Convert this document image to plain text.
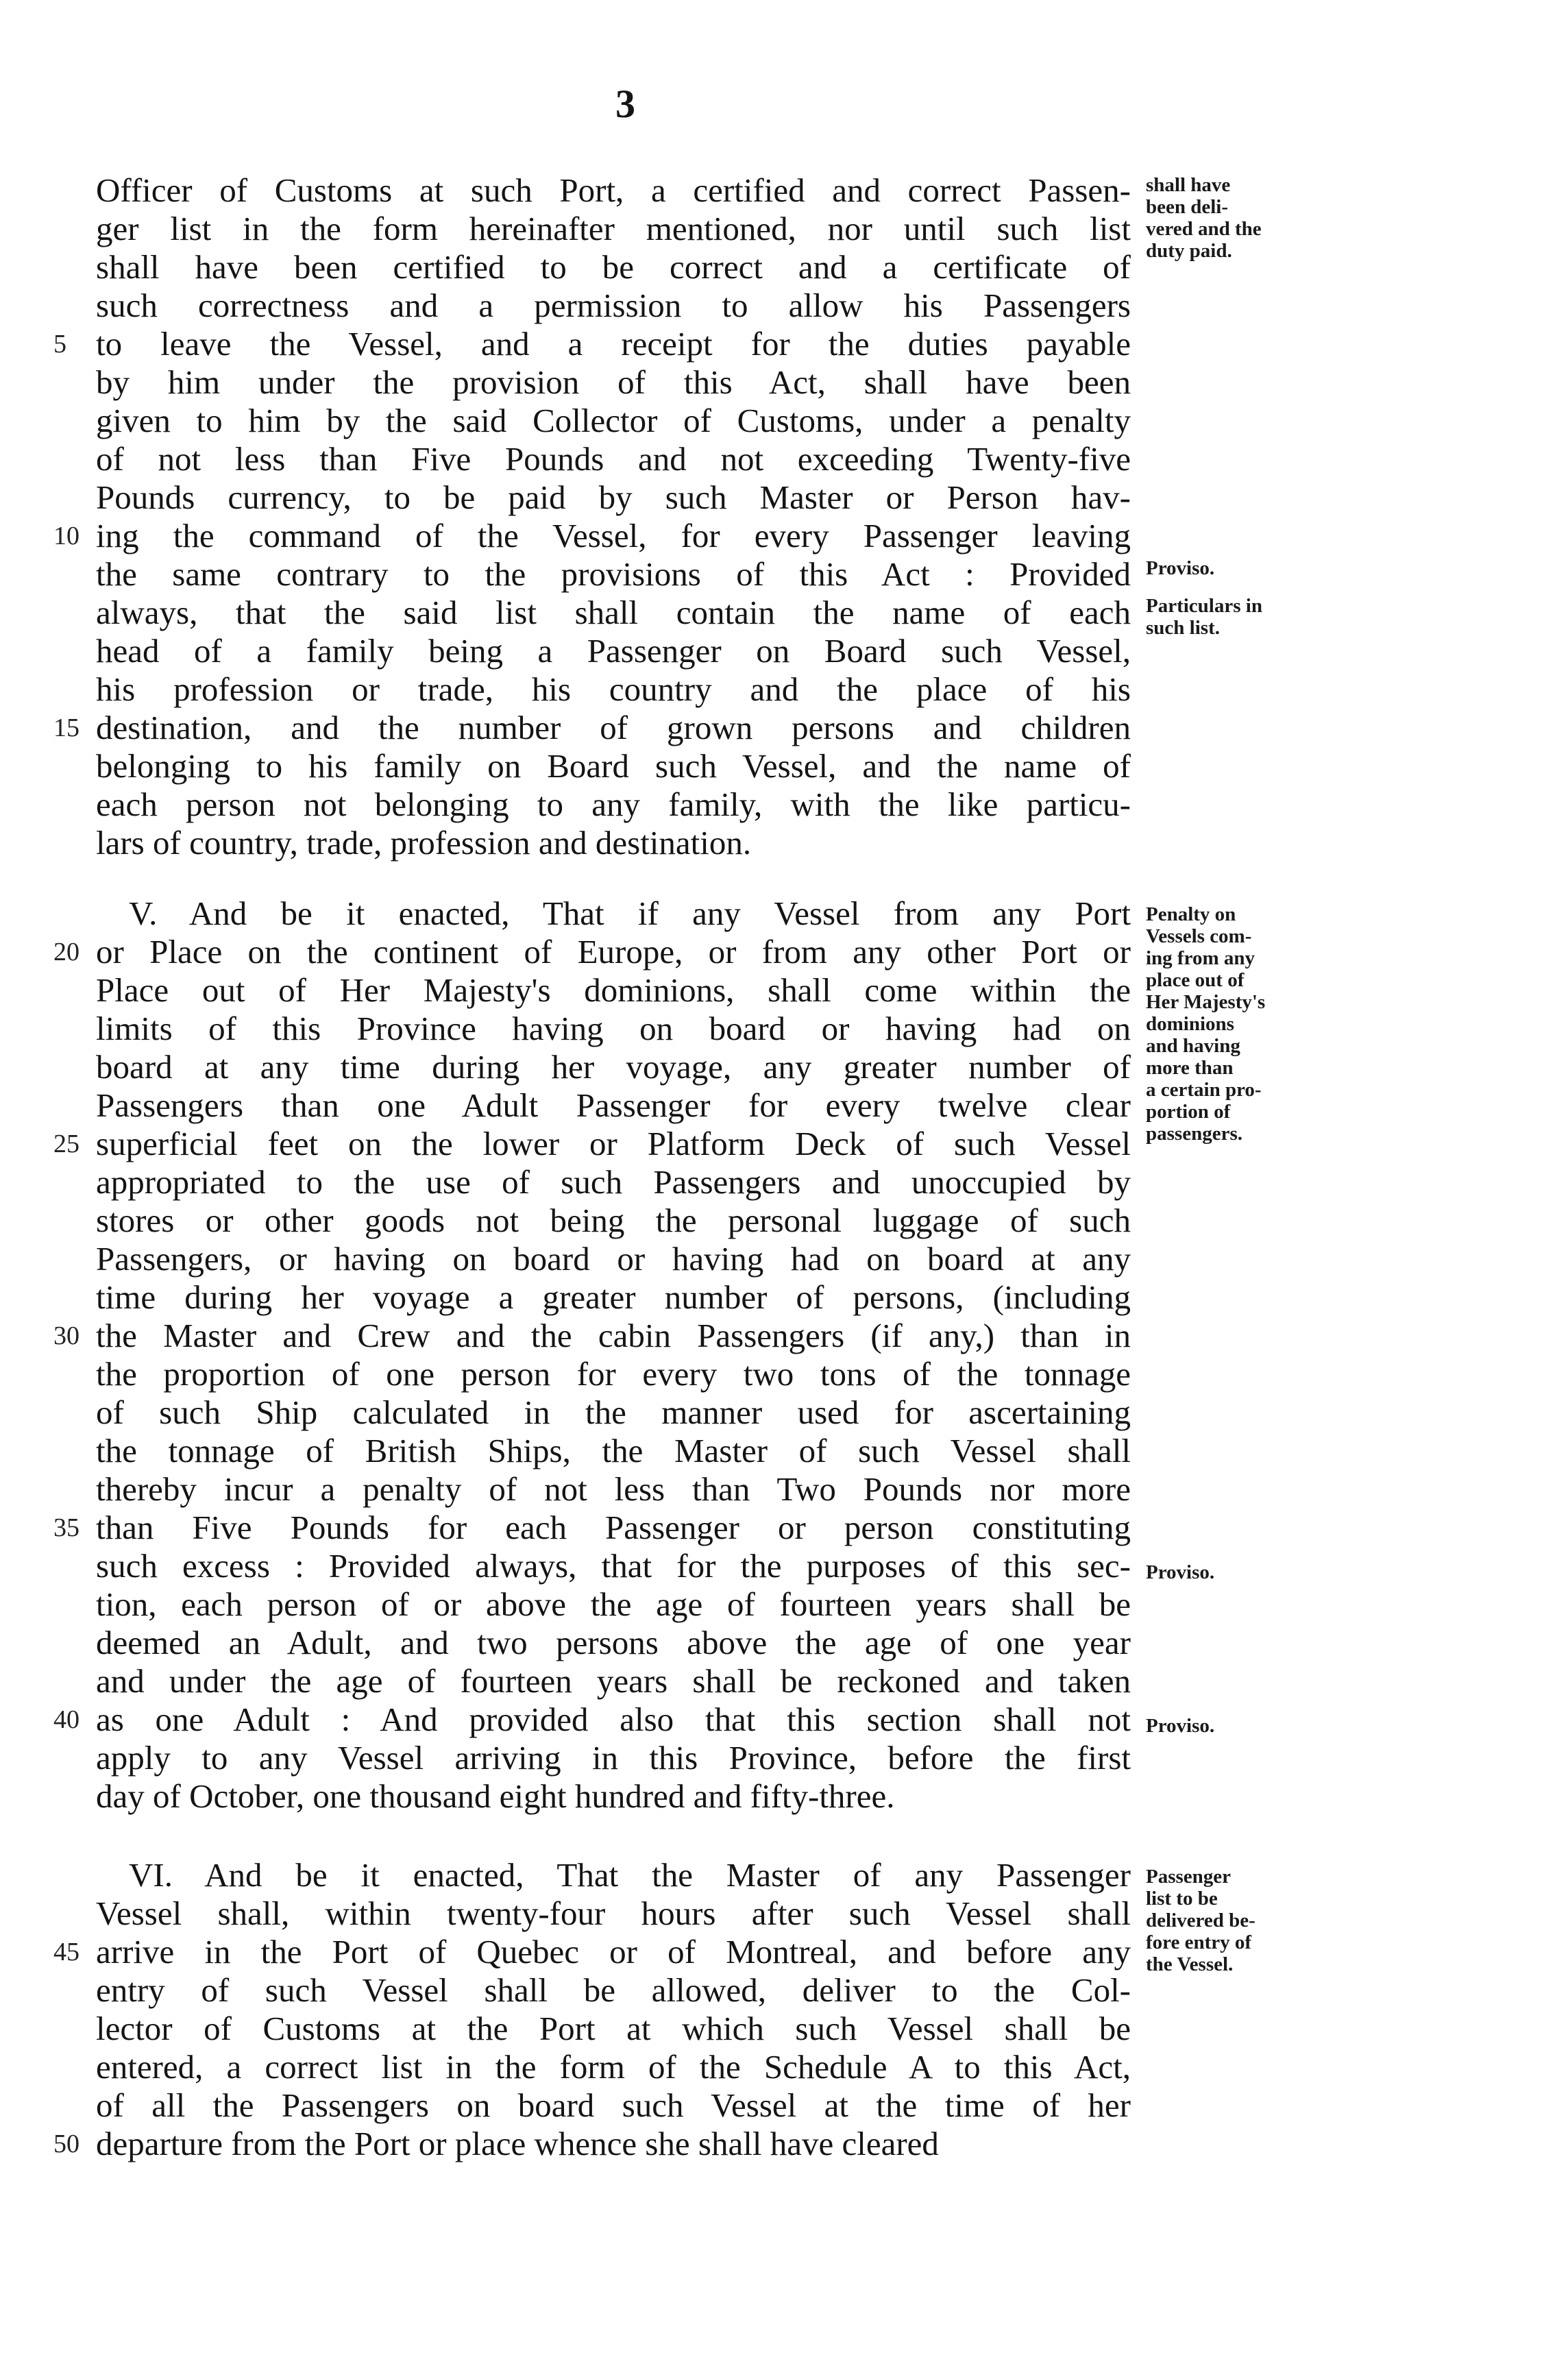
3
Officer of Customs at such Port, a certified and correct Passen-
ger list in the form hereinafter mentioned, nor until such list
shall have been certified to be correct and a certificate of
such correctness and a permission to allow his Passengers
5 to leave the Vessel, and a receipt for the duties payable
by him under the provision of this Act, shall have been
given to him by the said Collector of Customs, under a penalty
of not less than Five Pounds and not exceeding Twenty-five
Pounds currency, to be paid by such Master or Person hav-
10 ing the command of the Vessel, for every Passenger leaving
the same contrary to the provisions of this Act : Provided
always, that the said list shall contain the name of each
head of a family being a Passenger on Board such Vessel,
his profession or trade, his country and the place of his
15 destination, and the number of grown persons and children
belonging to his family on Board such Vessel, and the name of
each person not belonging to any family, with the like particu-
lars of country, trade, profession and destination.
V. And be it enacted, That if any Vessel from any Port
20 or Place on the continent of Europe, or from any other Port or
Place out of Her Majesty's dominions, shall come within the
limits of this Province having on board or having had on
board at any time during her voyage, any greater number of
Passengers than one Adult Passenger for every twelve clear
25 superficial feet on the lower or Platform Deck of such Vessel
appropriated to the use of such Passengers and unoccupied by
stores or other goods not being the personal luggage of such
Passengers, or having on board or having had on board at any
time during her voyage a greater number of persons, (including
30 the Master and Crew and the cabin Passengers (if any,) than in
the proportion of one person for every two tons of the tonnage
of such Ship calculated in the manner used for ascertaining
the tonnage of British Ships, the Master of such Vessel shall
thereby incur a penalty of not less than Two Pounds nor more
35 than Five Pounds for each Passenger or person constituting
such excess : Provided always, that for the purposes of this sec-
tion, each person of or above the age of fourteen years shall be
deemed an Adult, and two persons above the age of one year
and under the age of fourteen years shall be reckoned and taken
40 as one Adult : And provided also that this section shall not
apply to any Vessel arriving in this Province, before the first
day of October, one thousand eight hundred and fifty-three.
VI. And be it enacted, That the Master of any Passenger
Vessel shall, within twenty-four hours after such Vessel shall
45 arrive in the Port of Quebec or of Montreal, and before any
entry of such Vessel shall be allowed, deliver to the Col-
lector of Customs at the Port at which such Vessel shall be
entered, a correct list in the form of the Schedule A to this Act,
of all the Passengers on board such Vessel at the time of her
50 departure from the Port or place whence she shall have cleared
shall have
been deli-
vered and the
duty paid.
Proviso.
Particulars in
such list.
Penalty on
Vessels com-
ing from any
place out of
Her Majesty's
dominions
and having
more than
a certain pro-
portion of
passengers.
Proviso.
Proviso.
Passenger
list to be
delivered be-
fore entry of
the Vessel.
